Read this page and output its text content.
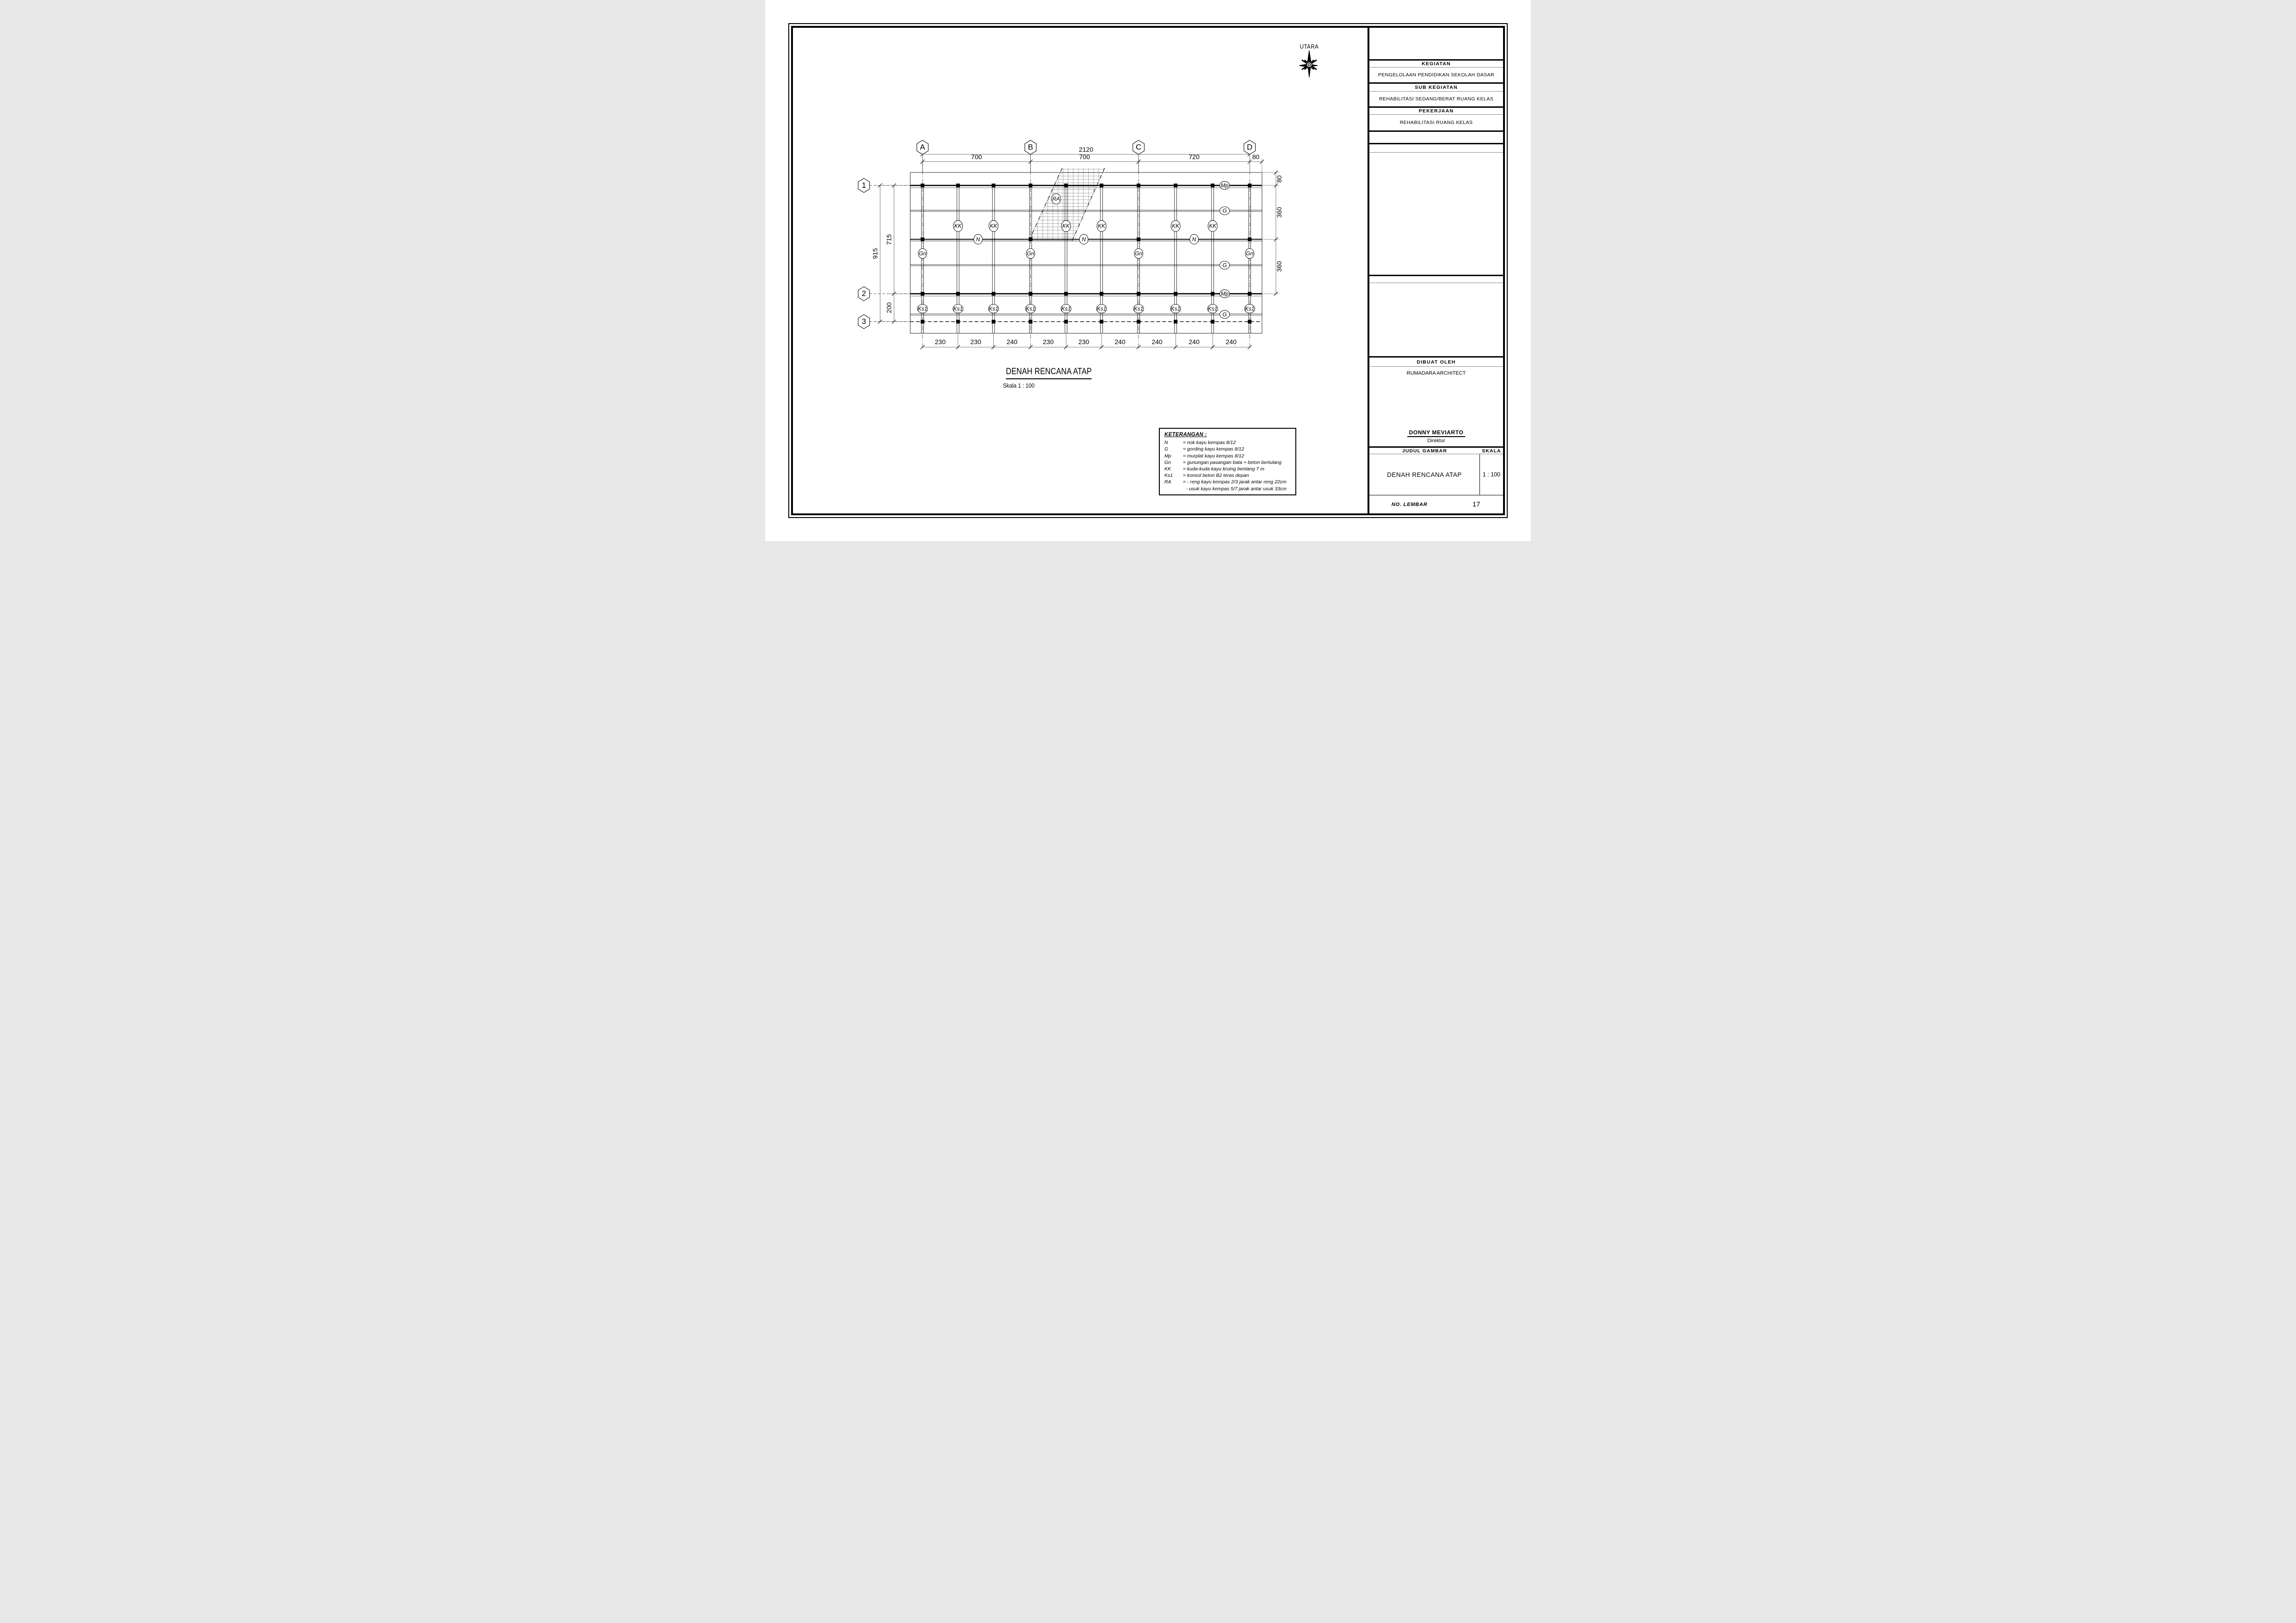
UTARA
2120
700	700	720	80
230 230 240 230 230 240 240 240 240
915
715
200
80
360
360
A	B	C	D
1
2
3
KK KK	KK KK	KK KK
N	N	N
Gn	Gn	Gn	Gn
Ks1 Ks1 Ks1 Ks1 Ks1 Ks1 Ks1 Ks1 Ks1 Ks1
RA
Mp
G
G
Mp
G
DENAH RENCANA ATAP
Skala 1 : 100
KETERANGAN :
N	= nok kayu kempas 8/12
G	= gording kayu kempas 8/12
Mp	= murplat kayu kempas 8/12
Gn	= gunungan pasangan bata + beton bertulang
KK	= kuda-kuda kayu kruing bentang 7 m
Ks1	= konsol beton B2 teras depan
RA	= - reng kayu kempas 2/3 jarak antar reng 22cm
- usuk kayu kempas 5/7 jarak antar usuk 33cm
KEGIATAN
PENGELOLAAN PENDIDIKAN SEKOLAH DASAR
SUB KEGIATAN
REHABILITASI SEDANG/BERAT RUANG KELAS
PEKERJAAN
REHABILITASI RUANG KELAS
DIBUAT OLEH
RUMADARA ARCHITECT
DONNY MEVIARTO
Direktur
JUDUL GAMBAR	SKALA
DENAH RENCANA ATAP	1 : 100
NO. LEMBAR	17
